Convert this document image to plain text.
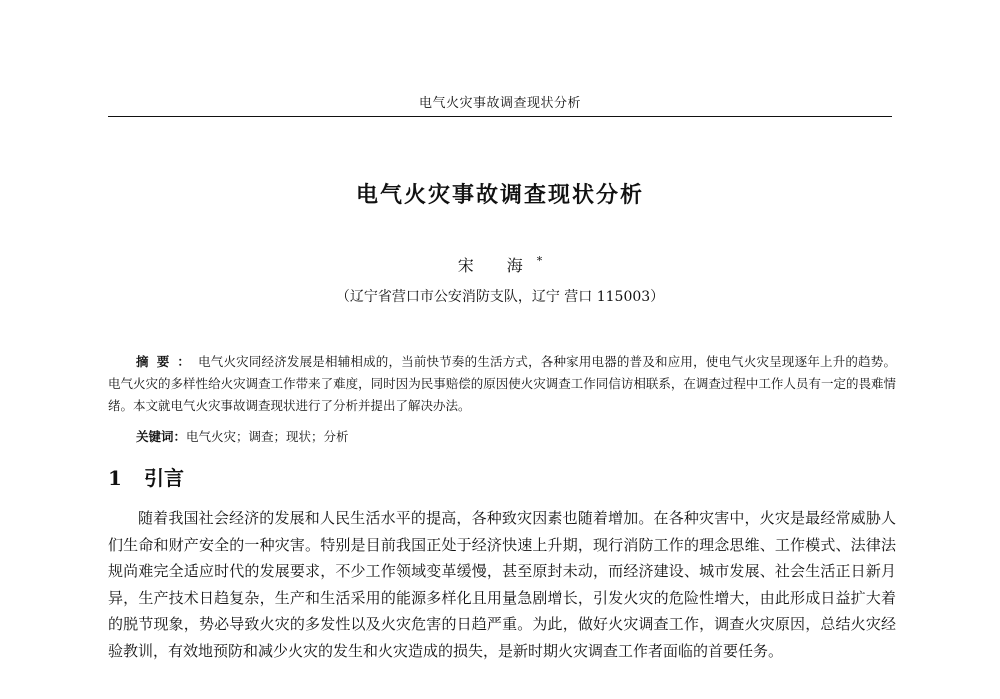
电气火灾事故调查现状分析
电气火灾事故调查现状分析
宋 海*
（辽宁省营口市公安消防支队，辽宁 营口 115003）
摘要：电气火灾同经济发展是相辅相成的，当前快节奏的生活方式，各种家用电器的普及和应用，使电气火灾呈现逐年上升的趋势。电气火灾的多样性给火灾调查工作带来了难度，同时因为民事赔偿的原因使火灾调查工作同信访相联系，在调查过程中工作人员有一定的畏难情绪。本文就电气火灾事故调查现状进行了分析并提出了解决办法。
关键词：电气火灾；调查；现状；分析
1 引言
随着我国社会经济的发展和人民生活水平的提高，各种致灾因素也随着增加。在各种灾害中，火灾是最经常威胁人们生命和财产安全的一种灾害。特别是目前我国正处于经济快速上升期，现行消防工作的理念思维、工作模式、法律法规尚难完全适应时代的发展要求，不少工作领域变革缓慢，甚至原封未动，而经济建设、城市发展、社会生活正日新月异，生产技术日趋复杂，生产和生活采用的能源多样化且用量急剧增长，引发火灾的危险性增大，由此形成日益扩大着的脱节现象，势必导致火灾的多发性以及火灾危害的日趋严重。为此，做好火灾调查工作，调查火灾原因，总结火灾经验教训，有效地预防和减少火灾的发生和火灾造成的损失，是新时期火灾调查工作者面临的首要任务。
